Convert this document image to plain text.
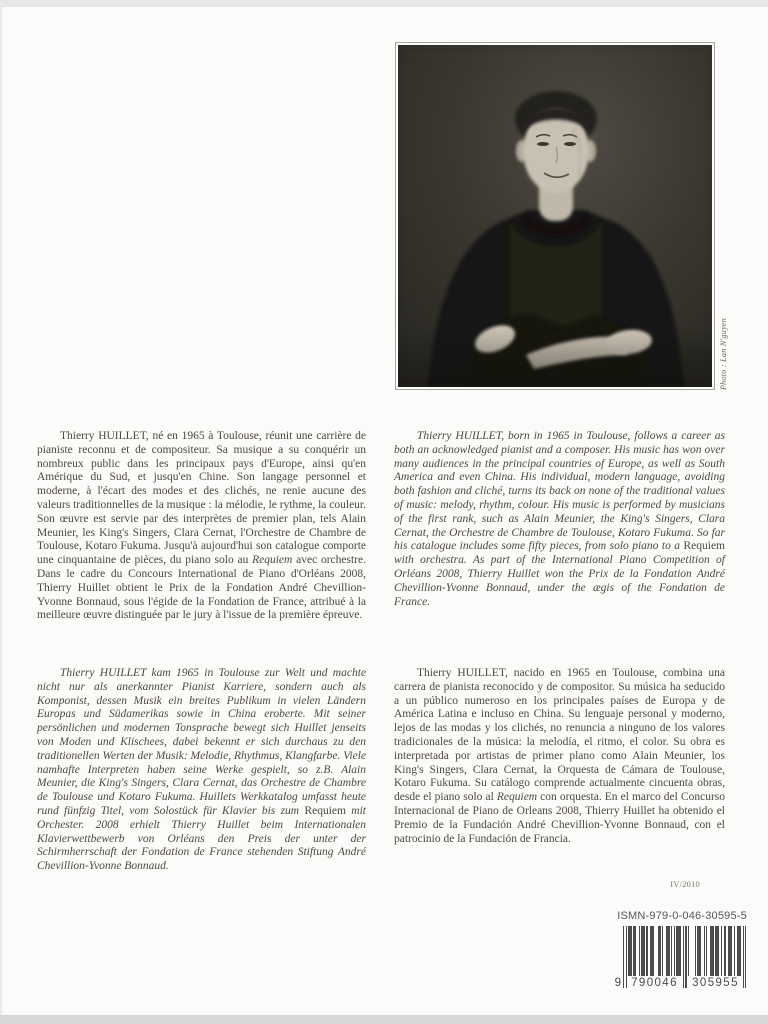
Photo : Lan N'guyen

Thierry HUILLET, né en 1965 à Toulouse, réunit une carrière de pianiste reconnu et de compositeur. Sa musique a su conquérir un nombreux public dans les principaux pays d'Europe, ainsi qu'en Amérique du Sud, et jusqu'en Chine. Son langage personnel et moderne, à l'écart des modes et des clichés, ne renie aucune des valeurs traditionnelles de la musique : la mélodie, le rythme, la couleur. Son œuvre est servie par des interprètes de premier plan, tels Alain Meunier, les King's Singers, Clara Cernat, l'Orchestre de Chambre de Toulouse, Kotaro Fukuma. Jusqu'à aujourd'hui son catalogue comporte une cinquantaine de pièces, du piano solo au Requiem avec orchestre. Dans le cadre du Concours International de Piano d'Orléans 2008, Thierry Huillet obtient le Prix de la Fondation André Chevillion-Yvonne Bonnaud, sous l'égide de la Fondation de France, attribué à la meilleure œuvre distinguée par le jury à l'issue de la première épreuve.

Thierry HUILLET, born in 1965 in Toulouse, follows a career as both an acknowledged pianist and a composer. His music has won over many audiences in the principal countries of Europe, as well as South America and even China. His individual, modern language, avoiding both fashion and cliché, turns its back on none of the traditional values of music: melody, rhythm, colour. His music is performed by musicians of the first rank, such as Alain Meunier, the King's Singers, Clara Cernat, the Orchestre de Chambre de Toulouse, Kotaro Fukuma. So far his catalogue includes some fifty pieces, from solo piano to a Requiem with orchestra. As part of the International Piano Competition of Orléans 2008, Thierry Huillet won the Prix de la Fondation André Chevillion-Yvonne Bonnaud, under the ægis of the Fondation de France.

Thierry HUILLET kam 1965 in Toulouse zur Welt und machte nicht nur als anerkannter Pianist Karriere, sondern auch als Komponist, dessen Musik ein breites Publikum in vielen Ländern Europas und Südamerikas sowie in China eroberte. Mit seiner persönlichen und modernen Tonsprache bewegt sich Huillet jenseits von Moden und Klischees, dabei bekennt er sich durchaus zu den traditionellen Werten der Musik: Melodie, Rhythmus, Klangfarbe. Viele namhafte Interpreten haben seine Werke gespielt, so z.B. Alain Meunier, die King's Singers, Clara Cernat, das Orchestre de Chambre de Toulouse und Kotaro Fukuma. Huillets Werkkatalog umfasst heute rund fünfzig Titel, vom Solostück für Klavier bis zum Requiem mit Orchester. 2008 erhielt Thierry Huillet beim Internationalen Klavierwettbewerb von Orléans den Preis der unter der Schirmherrschaft der Fondation de France stehenden Stiftung André Chevillion-Yvonne Bonnaud.

Thierry HUILLET, nacido en 1965 en Toulouse, combina una carrera de pianista reconocido y de compositor. Su música ha seducido a un público numeroso en los principales países de Europa y de América Latina e incluso en China. Su lenguaje personal y moderno, lejos de las modas y los clichés, no renuncia a ninguno de los valores tradicionales de la música: la melodía, el ritmo, el color. Su obra es interpretada por artistas de primer plano como Alain Meunier, los King's Singers, Clara Cernat, la Orquesta de Cámara de Toulouse, Kotaro Fukuma. Su catálogo comprende actualmente cincuenta obras, desde el piano solo al Requiem con orquesta. En el marco del Concurso Internacional de Piano de Orleans 2008, Thierry Huillet ha obtenido el Premio de la Fundación André Chevillion-Yvonne Bonnaud, con el patrocinio de la Fundación de Francia.

IV/2010
ISMN-979-0-046-30595-5
9 790046 305955
